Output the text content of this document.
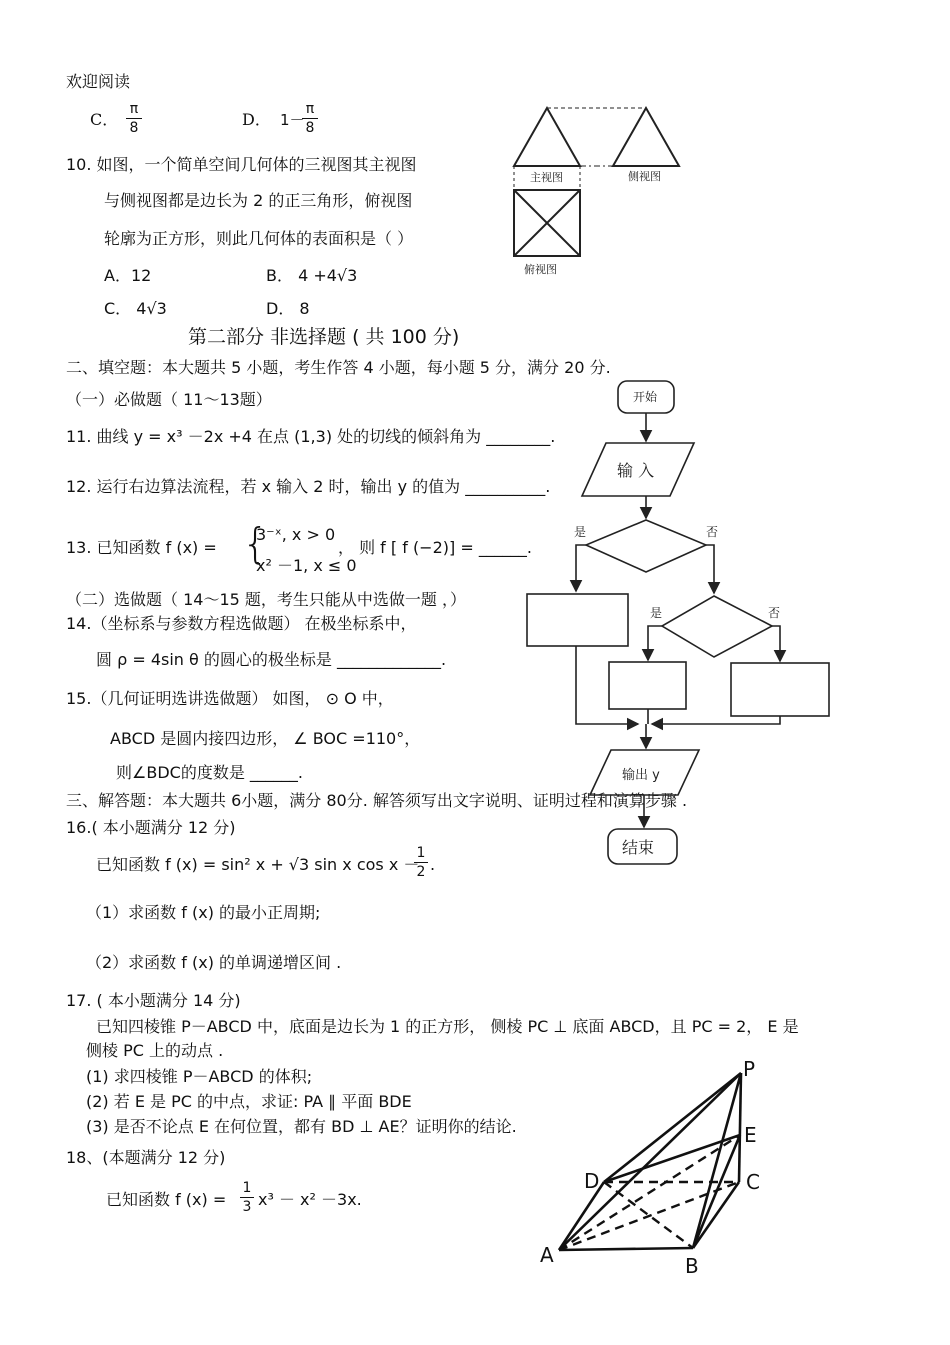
欢迎阅读
C．
π
8	D． 1－
π
8
10. 如图，一个简单空间几何体的三视图其主视图
与侧视图都是边长为 2 的正三角形，俯视图
轮廓为正方形，则此几何体的表面积是（ ）
A．12	B． 4 +4√3
C． 4√3	D． 8
第二部分 非选择题 ( 共 100 分)
二、填空题：本大题共 5 小题，考生作答 4 小题，每小题 5 分，满分 20 分.
（一）必做题（ 11～13题）
11. 曲线 y = x³ －2x +4 在点 (1,3) 处的切线的倾斜角为 ________.
12. 运行右边算法流程，若 x 输入 2 时，输出 y 的值为 __________.
13. 已知函数 f (x) = {
3⁻ˣ, x > 0
x² －1, x ≤ 0
， 则 f [ f (−2)] = ______.
（二）选做题（ 14～15 题，考生只能从中选做一题 ，）
14.（坐标系与参数方程选做题） 在极坐标系中，
圆 ρ = 4sin θ 的圆心的极坐标是 _____________.
15.（几何证明选讲选做题） 如图， ⊙ O 中，
ABCD 是圆内接四边形， ∠ BOC =110°，
则∠BDC的度数是 ______.
三、解答题：本大题共 6小题，满分 80分. 解答须写出文字说明、证明过程和演算步骤 .
16.( 本小题满分 12 分)
已知函数 f (x) = sin² x + √3 sin x cos x －
1
2 .
（1）求函数 f (x) 的最小正周期;
（2）求函数 f (x) 的单调递增区间 .
17. ( 本小题满分 14 分)
已知四棱锥 P－ABCD 中，底面是边长为 1 的正方形， 侧棱 PC ⊥ 底面 ABCD，且 PC = 2， E 是
侧棱 PC 上的动点 .
(1) 求四棱锥 P－ABCD 的体积;
(2) 若 E 是 PC 的中点，求证: PA ∥ 平面 BDE
(3) 是否不论点 E 在何位置，都有 BD ⊥ AE？证明你的结论.
18、(本题满分 12 分)
已知函数 f (x) =
1
3 x³ － x² －3x.
主视图	侧视图
俯视图
开始
输 入
是	否
是	否
输出 y
结束
P
E
D	C
A	B
